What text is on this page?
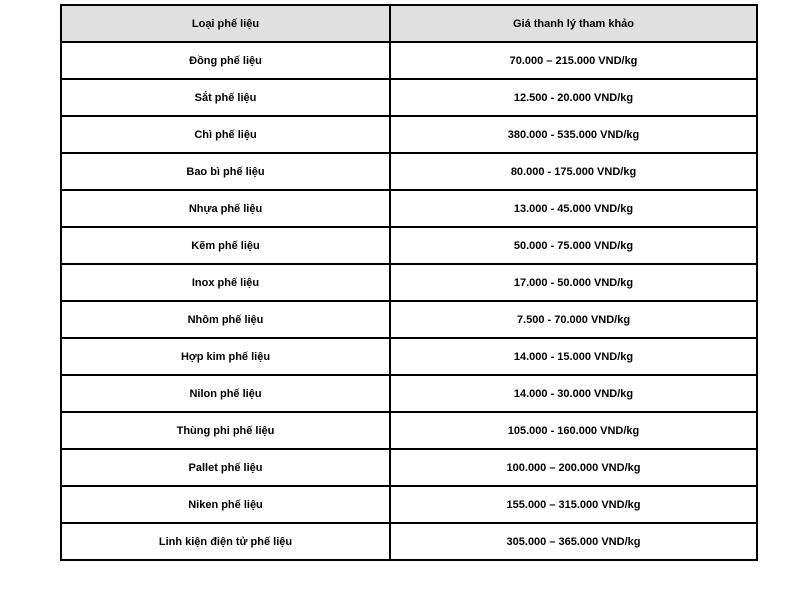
Loại phế liệu	Giá thanh lý tham khảo
Đồng phế liệu	70.000 – 215.000 VND/kg
Sắt phế liệu	12.500 - 20.000 VND/kg
Chì phế liệu	380.000 - 535.000 VND/kg
Bao bì phế liệu	80.000 - 175.000 VND/kg
Nhựa phế liệu	13.000 - 45.000 VND/kg
Kẽm phế liệu	50.000 - 75.000 VND/kg
Inox phế liệu	17.000 - 50.000 VND/kg
Nhôm phế liệu	7.500 - 70.000 VND/kg
Hợp kim phế liệu	14.000 - 15.000 VND/kg
Nilon phế liệu	14.000 - 30.000 VND/kg
Thùng phi phế liệu	105.000 - 160.000 VND/kg
Pallet phế liệu	100.000 – 200.000 VND/kg
Niken phế liệu	155.000 – 315.000 VND/kg
Linh kiện điện tử phế liệu	305.000 – 365.000 VND/kg
